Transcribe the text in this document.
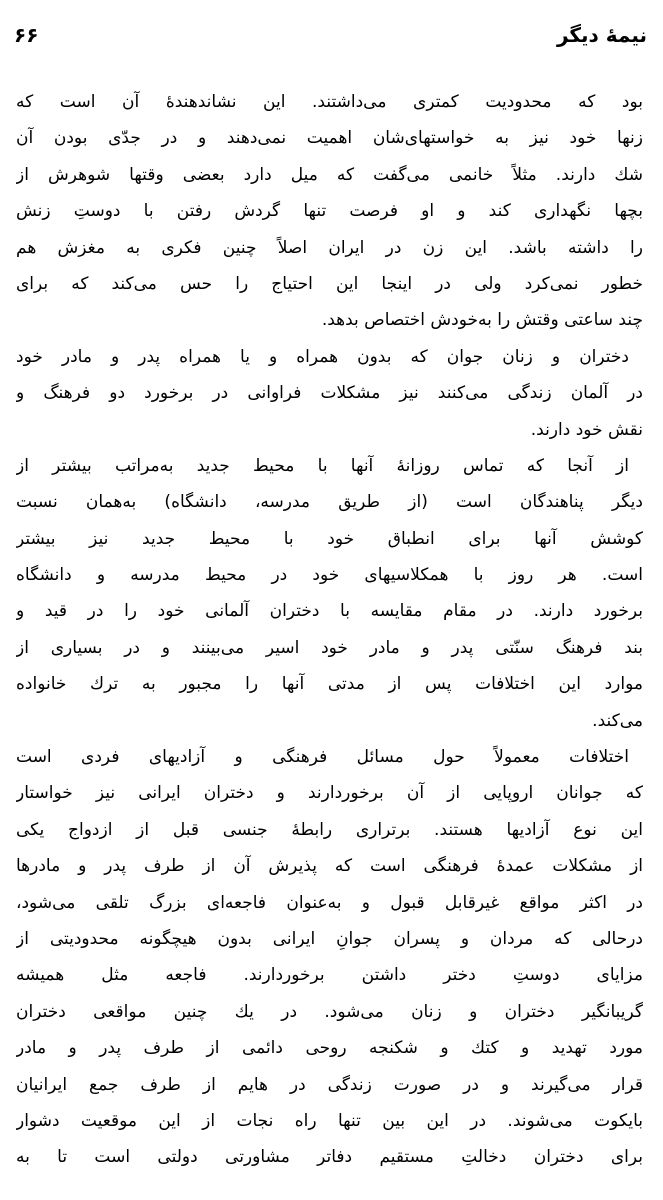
نیمهٔ دیگر
۶۶
بود که محدودیت کمتری می‌داشتند. این نشاندهندهٔ آن است که
زنها خود نیز به خواستهای‌شان اهمیت نمی‌دهند و در جدّی بودن آن
شك دارند. مثلاً خانمی می‌گفت که میل دارد بعضی وقتها شوهرش از
بچها نگهداری کند و او فرصت تنها گردش رفتن با دوستِ زنش
را داشته باشد. این زن در ایران اصلاً چنین فکری به مغزش هم
خطور نمی‌کرد ولی در اینجا این احتیاج را حس می‌کند که برای
چند ساعتی وقتش را به‌خودش اختصاص بدهد.
دختران و زنان جوان که بدون همراه و یا همراه پدر و مادر خود
در آلمان زندگی می‌کنند نیز مشکلات فراوانی در برخورد دو فرهنگ و
نقش خود دارند.
از آنجا که تماس روزانهٔ آنها با محیط جدید به‌مراتب بیشتر از
دیگر پناهندگان است (از طریق مدرسه، دانشگاه) به‌همان نسبت
کوشش آنها برای انطباق خود با محیط جدید نیز بیشتر
است. هر روز با همکلاسیهای خود در محیط مدرسه و دانشگاه
برخورد دارند. در مقام مقایسه با دختران آلمانی خود را در قید و
بند فرهنگ سنّتی پدر و مادر خود اسیر می‌بینند و در بسیاری از
موارد این اختلافات پس از مدتی آنها را مجبور به ترك خانواده
می‌کند.
اختلافات معمولاً حول مسائل فرهنگی و آزادیهای فردی است
که جوانان اروپایی از آن برخوردارند و دختران ایرانی نیز خواستار
این نوع آزادیها هستند. برتراری رابطهٔ جنسی قبل از ازدواج یکی
از مشکلات عمدهٔ فرهنگی است که پذیرش آن از طرف پدر و مادرها
در اکثر مواقع غیرقابل قبول و به‌عنوان فاجعه‌ای بزرگ تلقی می‌شود،
درحالی که مردان و پسران جوانِ ایرانی بدون هیچگونه محدودیتی از
مزایای دوستِ دختر داشتن برخوردارند. فاجعه مثل همیشه
گریبانگیر دختران و زنان می‌شود. در یك چنین مواقعی دختران
مورد تهدید و کتك و شکنجه روحی دائمی از طرف پدر و مادر
قرار می‌گیرند و در صورت زندگی در هایم از طرف جمع ایرانیان
بایکوت می‌شوند. در این بین تنها راه نجات از این موقعیت دشوار
برای دختران دخالتِ مستقیم دفاتر مشاورتی دولتی است تا به
